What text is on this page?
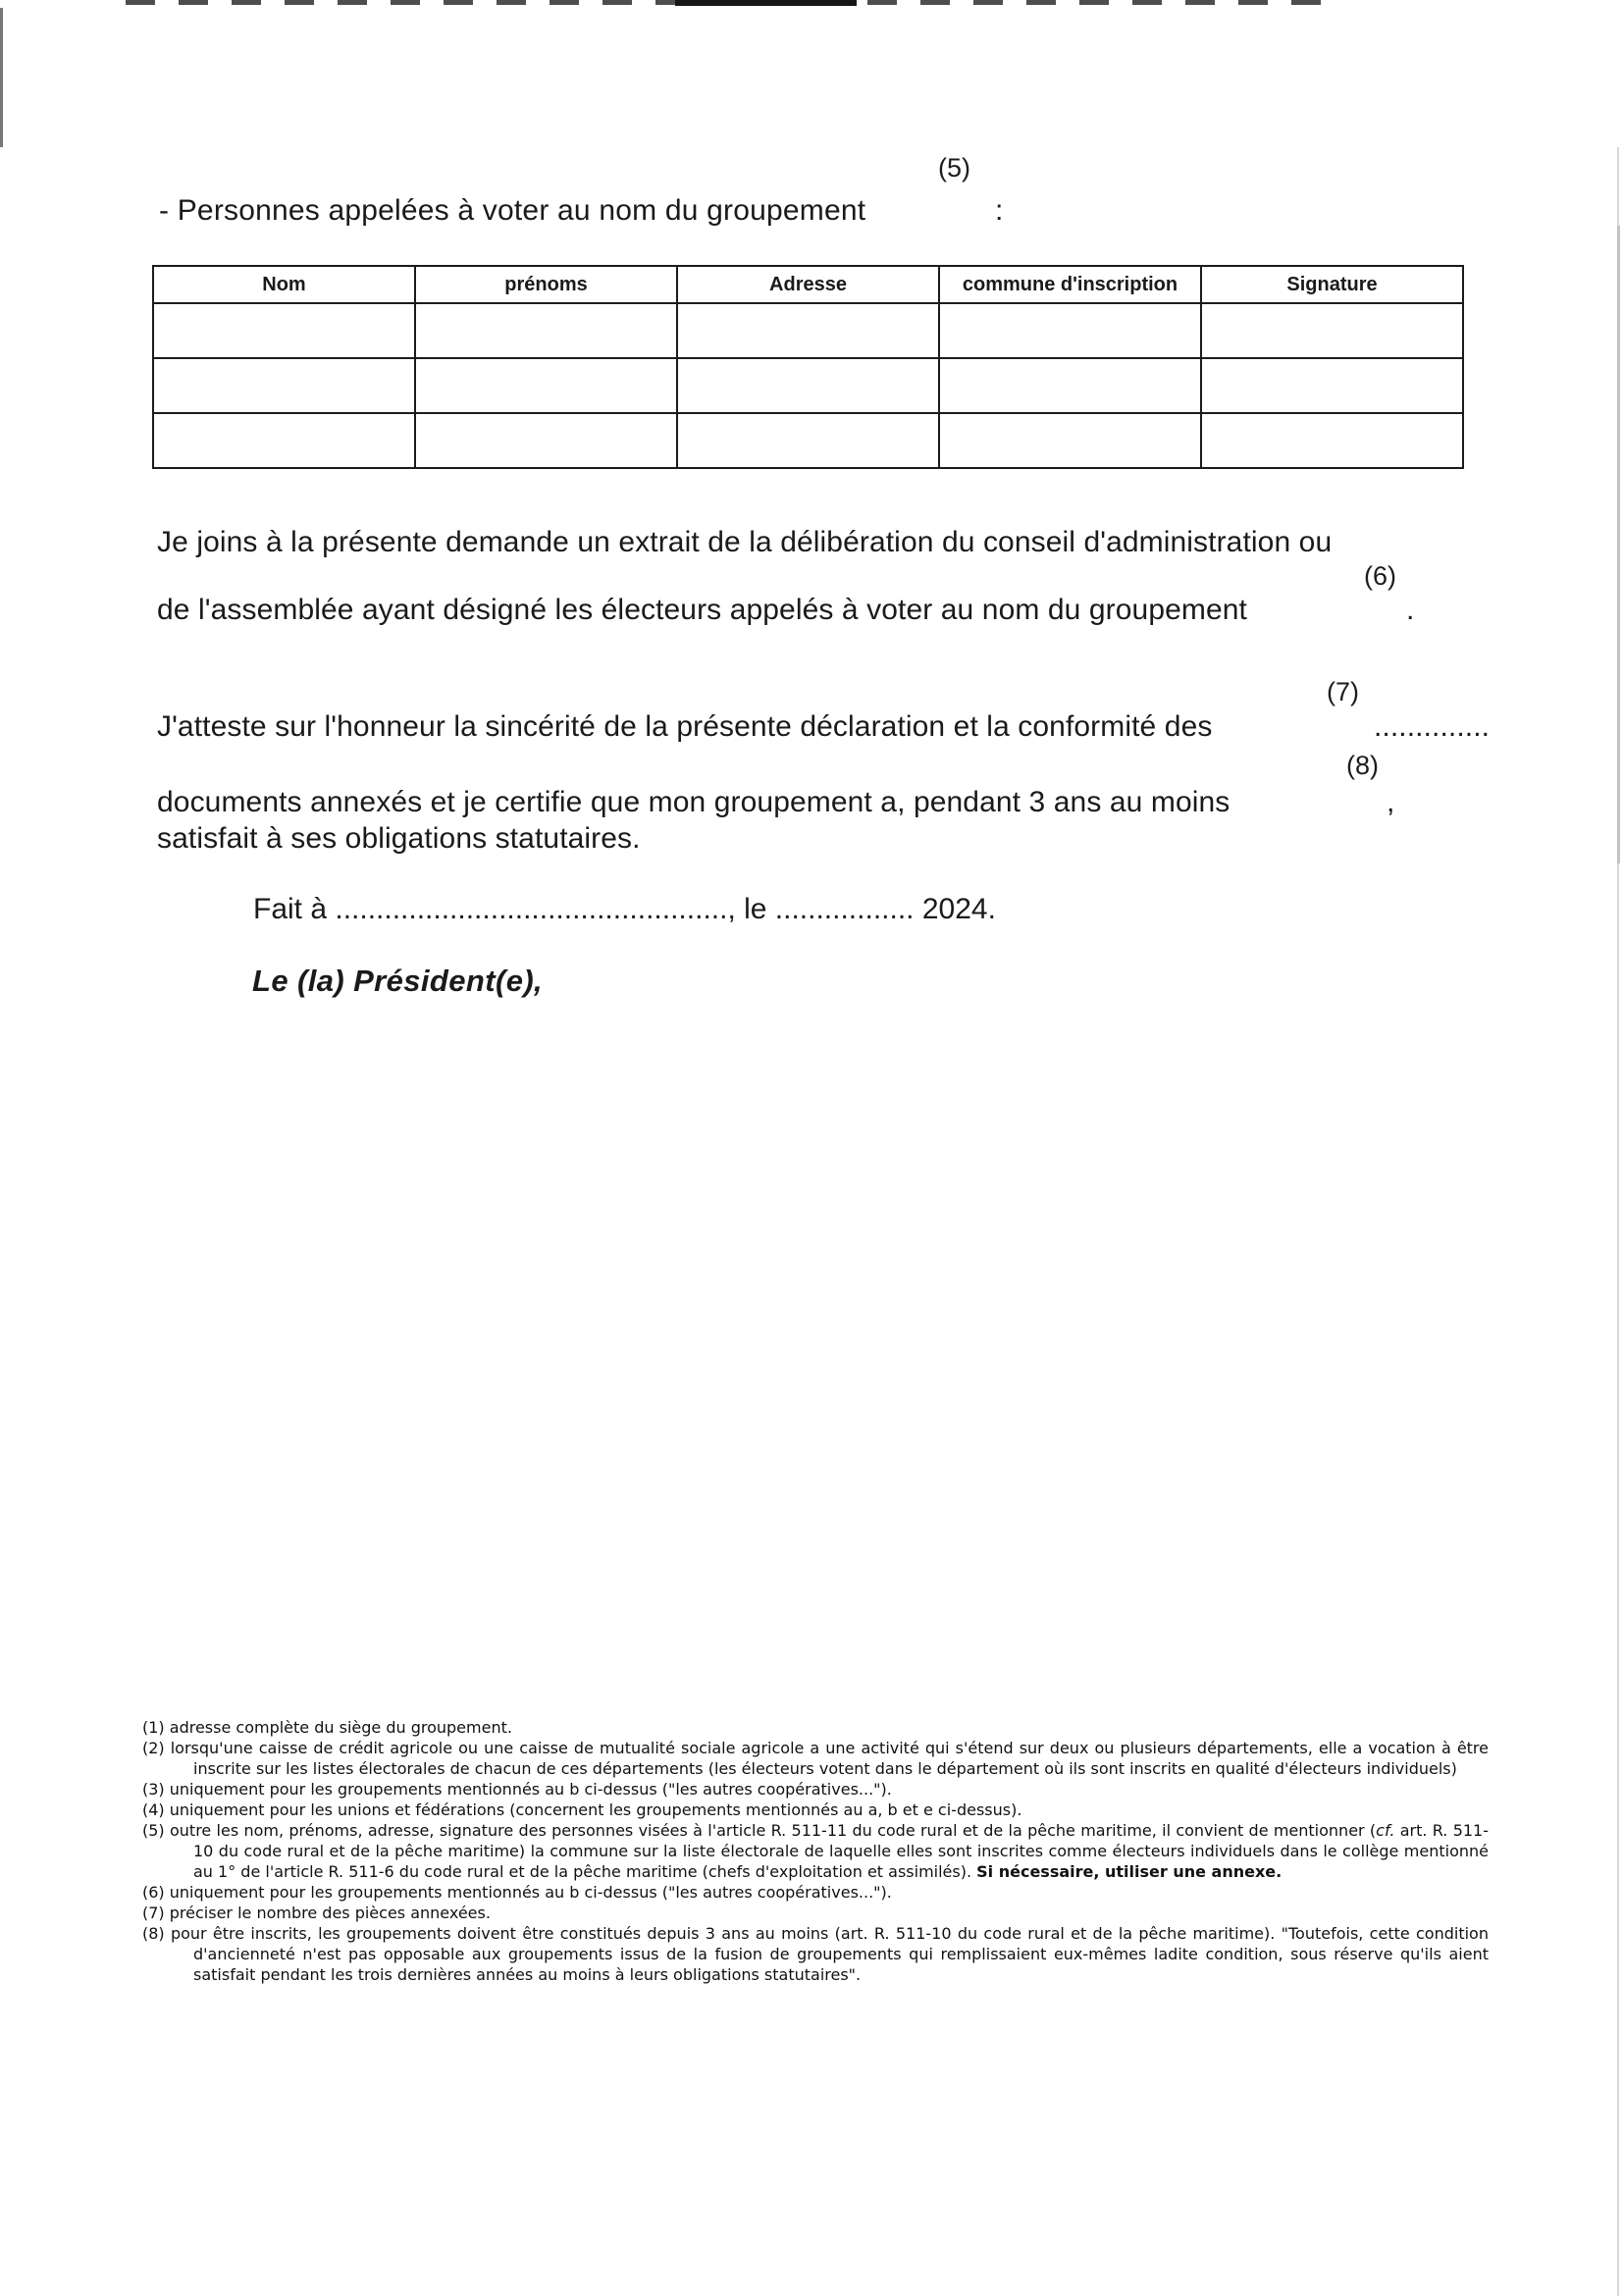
(5)
- Personnes appelées à voter au nom du groupement	:
Nom	prénoms	Adresse	commune d'inscription	Signature

Je joins à la présente demande un extrait de la délibération du conseil d'administration ou
(6)
de l'assemblée ayant désigné les électeurs appelés à voter au nom du groupement	.
(7)
J'atteste sur l'honneur la sincérité de la présente déclaration et la conformité des	..............
(8)
documents annexés et je certifie que mon groupement a, pendant 3 ans au moins	,
satisfait à ses obligations statutaires.
Fait à ................................................, le ................. 2024.
Le (la) Président(e),
(1) adresse complète du siège du groupement.
(2) lorsqu'une caisse de crédit agricole ou une caisse de mutualité sociale agricole a une activité qui s'étend sur deux ou plusieurs départements, elle a vocation à être inscrite sur les listes électorales de chacun de ces départements (les électeurs votent dans le département où ils sont inscrits en qualité d'électeurs individuels)
(3) uniquement pour les groupements mentionnés au b ci-dessus ("les autres coopératives...").
(4) uniquement pour les unions et fédérations (concernent les groupements mentionnés au a, b et e ci-dessus).
(5) outre les nom, prénoms, adresse, signature des personnes visées à l'article R. 511-11 du code rural et de la pêche maritime, il convient de mentionner (cf. art. R. 511-10 du code rural et de la pêche maritime) la commune sur la liste électorale de laquelle elles sont inscrites comme électeurs individuels dans le collège mentionné au 1° de l'article R. 511-6 du code rural et de la pêche maritime (chefs d'exploitation et assimilés). Si nécessaire, utiliser une annexe.
(6) uniquement pour les groupements mentionnés au b ci-dessus ("les autres coopératives...").
(7) préciser le nombre des pièces annexées.
(8) pour être inscrits, les groupements doivent être constitués depuis 3 ans au moins (art. R. 511-10 du code rural et de la pêche maritime). "Toutefois, cette condition d'ancienneté n'est pas opposable aux groupements issus de la fusion de groupements qui remplissaient eux-mêmes ladite condition, sous réserve qu'ils aient satisfait pendant les trois dernières années au moins à leurs obligations statutaires".
